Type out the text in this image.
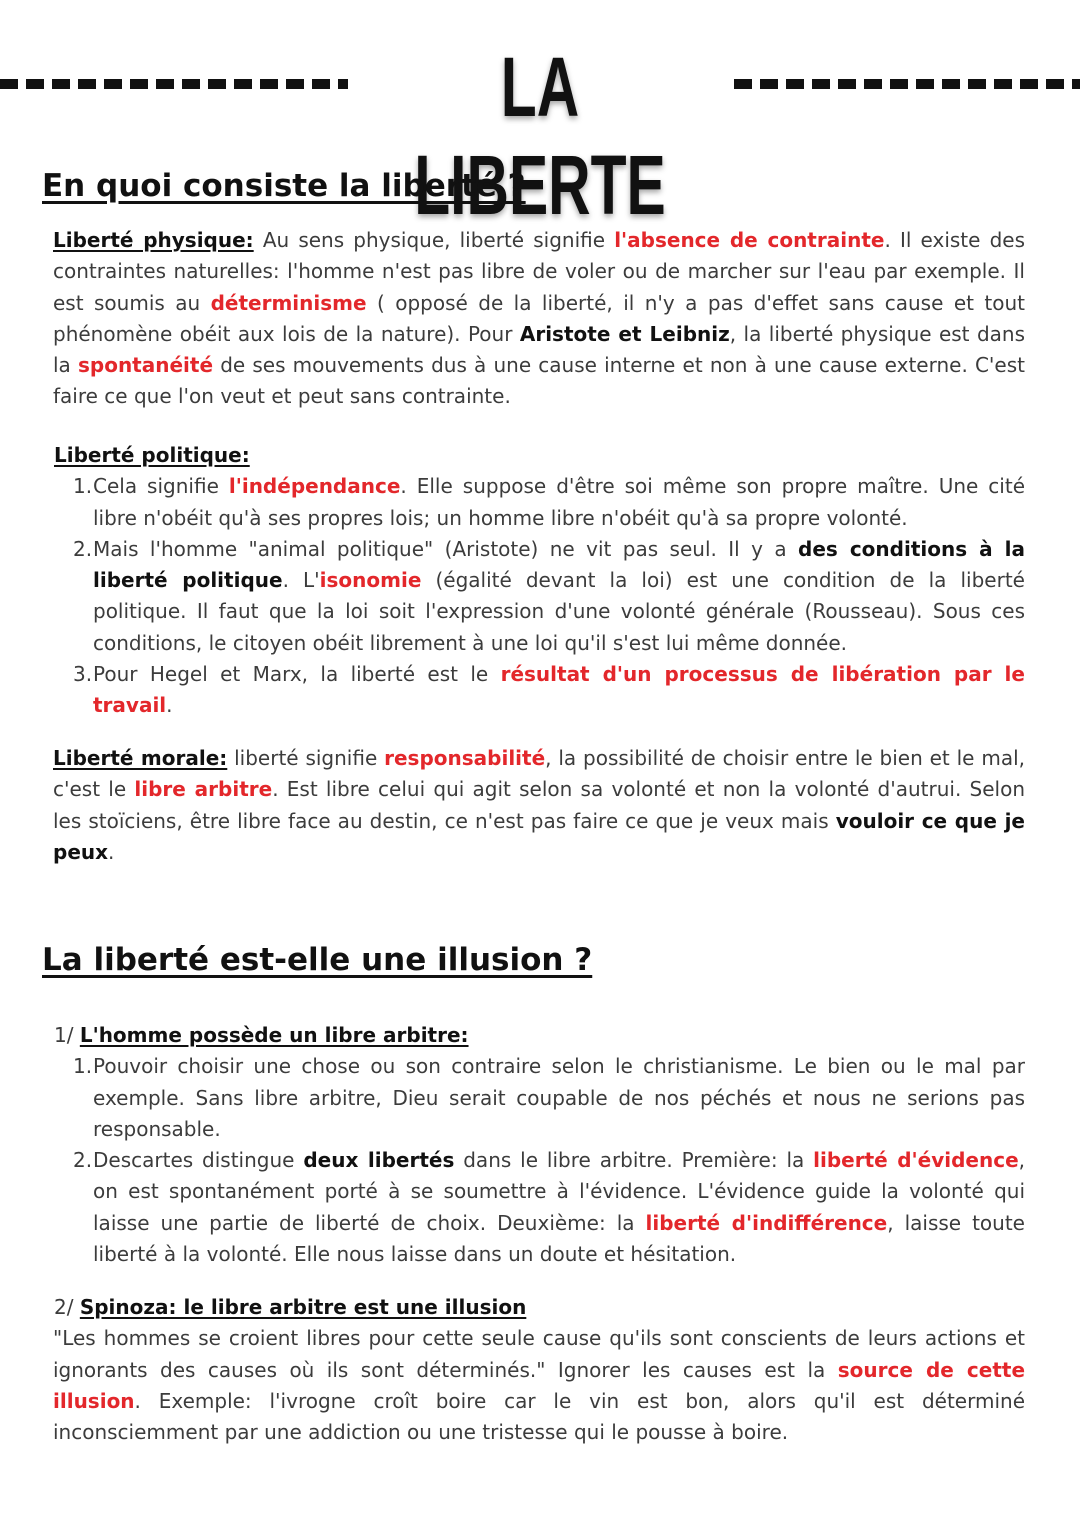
LA LIBERTE
En quoi consiste la liberté ?

Liberté physique: Au sens physique, liberté signifie l'absence de contrainte. Il existe des contraintes naturelles: l'homme n'est pas libre de voler ou de marcher sur l'eau par exemple. Il est soumis au déterminisme ( opposé de la liberté, il n'y a pas d'effet sans cause et tout phénomène obéit aux lois de la nature). Pour Aristote et Leibniz, la liberté physique est dans la spontanéité de ses mouvements dus à une cause interne et non à une cause externe. C'est faire ce que l'on veut et peut sans contrainte.

Liberté politique:

1. Cela signifie l'indépendance. Elle suppose d'être soi même son propre maître. Une cité libre n'obéit qu'à ses propres lois; un homme libre n'obéit qu'à sa propre volonté.
2. Mais l'homme "animal politique" (Aristote) ne vit pas seul. Il y a des conditions à la liberté politique. L'isonomie (égalité devant la loi) est une condition de la liberté politique. Il faut que la loi soit l'expression d'une volonté générale (Rousseau). Sous ces conditions, le citoyen obéit librement à une loi qu'il s'est lui même donnée.
3. Pour Hegel et Marx, la liberté est le résultat d'un processus de libération par le travail.

Liberté morale: liberté signifie responsabilité, la possibilité de choisir entre le bien et le mal, c'est le libre arbitre. Est libre celui qui agit selon sa volonté et non la volonté d'autrui. Selon les stoïciens, être libre face au destin, ce n'est pas faire ce que je veux mais vouloir ce que je peux.

La liberté est-elle une illusion ?

1/ L'homme possède un libre arbitre:

1. Pouvoir choisir une chose ou son contraire selon le christianisme. Le bien ou le mal par exemple. Sans libre arbitre, Dieu serait coupable de nos péchés et nous ne serions pas responsable.
2. Descartes distingue deux libertés dans le libre arbitre. Première: la liberté d'évidence, on est spontanément porté à se soumettre à l'évidence. L'évidence guide la volonté qui laisse une partie de liberté de choix. Deuxième: la liberté d'indifférence, laisse toute liberté à la volonté. Elle nous laisse dans un doute et hésitation.

2/ Spinoza: le libre arbitre est une illusion

"Les hommes se croient libres pour cette seule cause qu'ils sont conscients de leurs actions et ignorants des causes où ils sont déterminés." Ignorer les causes est la source de cette illusion. Exemple: l'ivrogne croît boire car le vin est bon, alors qu'il est déterminé inconsciemment par une addiction ou une tristesse qui le pousse à boire.
